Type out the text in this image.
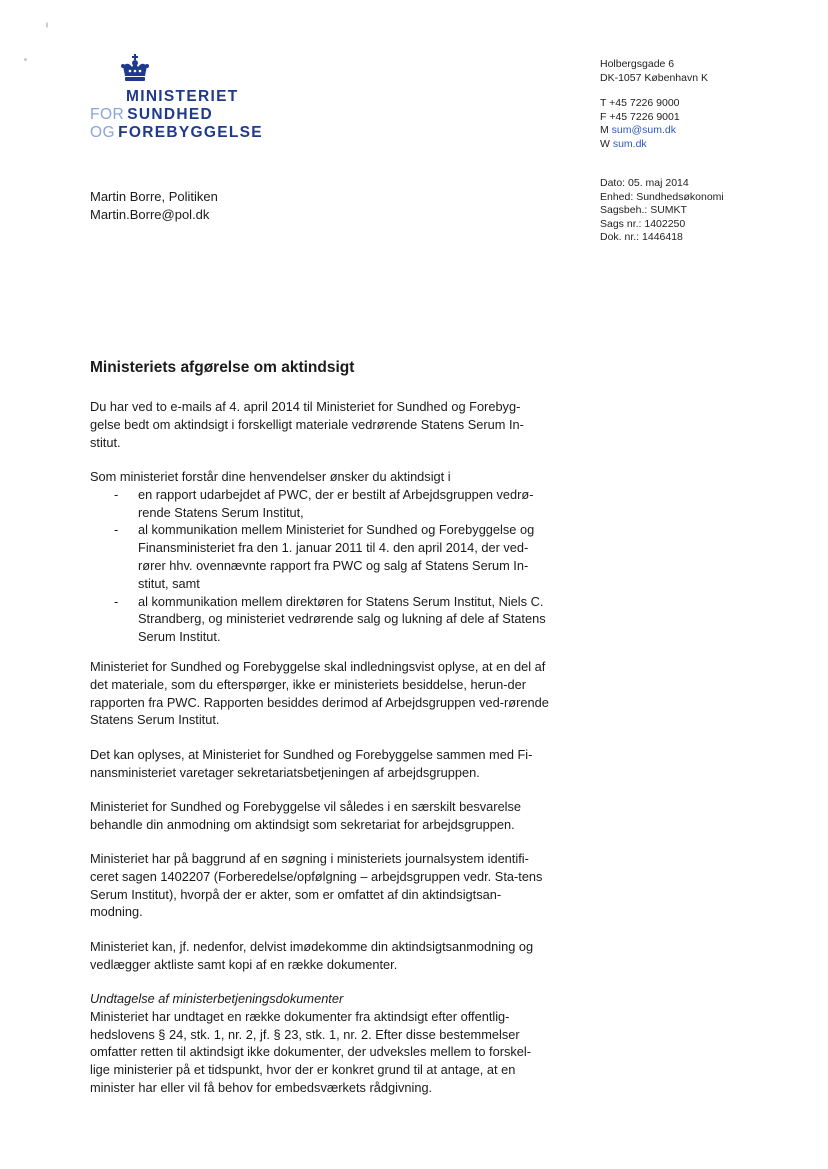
MINISTERIET
FOR SUNDHED
OG FOREBYGGELSE
Holbergsgade 6
DK-1057 København K
T +45 7226 9000
F +45 7226 9001
M sum@sum.dk
W sum.dk
Dato: 05. maj 2014
Enhed: Sundhedsøkonomi
Sagsbeh.: SUMKT
Sags nr.: 1402250
Dok. nr.: 1446418
Martin Borre, Politiken
Martin.Borre@pol.dk
Ministeriets afgørelse om aktindsigt

Du har ved to e-mails af 4. april 2014 til Ministeriet for Sundhed og Forebyg-gelse bedt om aktindsigt i forskelligt materiale vedrørende Statens Serum In-stitut.

Som ministeriet forstår dine henvendelser ønsker du aktindsigt i

- en rapport udarbejdet af PWC, der er bestilt af Arbejdsgruppen vedrø-rende Statens Serum Institut,
- al kommunikation mellem Ministeriet for Sundhed og Forebyggelse og Finansministeriet fra den 1. januar 2011 til 4. den april 2014, der ved-rører hhv. ovennævnte rapport fra PWC og salg af Statens Serum In-stitut, samt
- al kommunikation mellem direktøren for Statens Serum Institut, Niels C. Strandberg, og ministeriet vedrørende salg og lukning af dele af Statens Serum Institut.

Ministeriet for Sundhed og Forebyggelse skal indledningsvist oplyse, at en del af det materiale, som du efterspørger, ikke er ministeriets besiddelse, herun-der rapporten fra PWC. Rapporten besiddes derimod af Arbejdsgruppen ved-rørende Statens Serum Institut.

Det kan oplyses, at Ministeriet for Sundhed og Forebyggelse sammen med Fi-nansministeriet varetager sekretariatsbetjeningen af arbejdsgruppen.

Ministeriet for Sundhed og Forebyggelse vil således i en særskilt besvarelse behandle din anmodning om aktindsigt som sekretariat for arbejdsgruppen.

Ministeriet har på baggrund af en søgning i ministeriets journalsystem identifi-ceret sagen 1402207 (Forberedelse/opfølgning – arbejdsgruppen vedr. Sta-tens Serum Institut), hvorpå der er akter, som er omfattet af din aktindsigtsan-modning.

Ministeriet kan, jf. nedenfor, delvist imødekomme din aktindsigtsanmodning og vedlægger aktliste samt kopi af en række dokumenter.

Undtagelse af ministerbetjeningsdokumenter

Ministeriet har undtaget en række dokumenter fra aktindsigt efter offentlig-hedslovens § 24, stk. 1, nr. 2, jf. § 23, stk. 1, nr. 2. Efter disse bestemmelser omfatter retten til aktindsigt ikke dokumenter, der udveksles mellem to forskel-lige ministerier på et tidspunkt, hvor der er konkret grund til at antage, at en minister har eller vil få behov for embedsværkets rådgivning.
